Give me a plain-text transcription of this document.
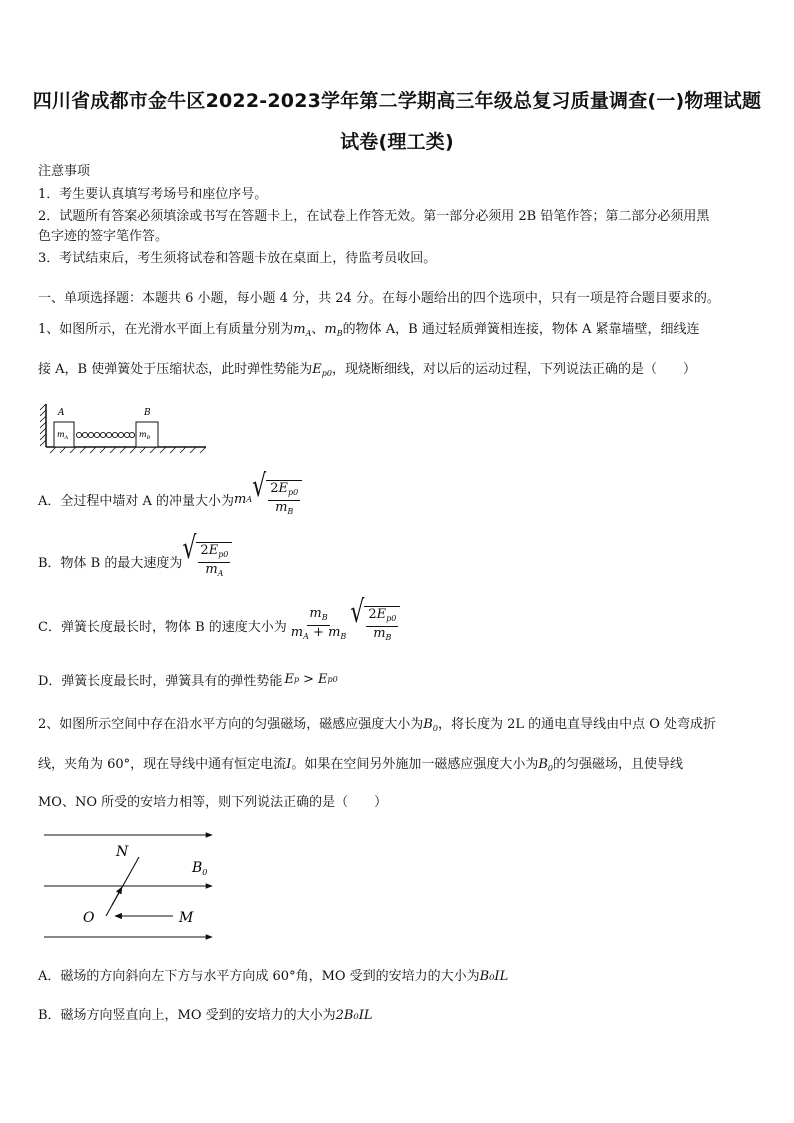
四川省成都市金牛区2022-2023学年第二学期高三年级总复习质量调查(一)物理试题
试卷(理工类)
注意事项
1．考生要认真填写考场号和座位序号。
2．试题所有答案必须填涂或书写在答题卡上，在试卷上作答无效。第一部分必须用 2B 铅笔作答；第二部分必须用黑
色字迹的签字笔作答。
3．考试结束后，考生须将试卷和答题卡放在桌面上，待监考员收回。
一、单项选择题：本题共 6 小题，每小题 4 分，共 24 分。在每小题给出的四个选项中，只有一项是符合题目要求的。
1、如图所示，在光滑水平面上有质量分别为$m_A$、$m_B$的物体 A，B 通过轻质弹簧相连接，物体 A 紧靠墙壁，细线连
接 A，B 使弹簧处于压缩状态，此时弹性势能为$E_{p0}$，现烧断细线，对以后的运动过程，下列说法正确的是（　　）
A	B
$m_A$	$m_B$
A．全过程中墙对 A 的冲量大小为 m A √ $\frac{2E_{p0}}{m_B}$
B．物体 B 的最大速度为 √ $\frac{2E_{p0}}{m_A}$
C．弹簧长度最长时，物体 B 的速度大小为 $\frac{m_B}{m_A + m_B}$ √ $\frac{2E_{p0}}{m_B}$
D．弹簧长度最长时，弹簧具有的弹性势能 E p > E p0
2、如图所示空间中存在沿水平方向的匀强磁场，磁感应强度大小为$B_0$，将长度为 2L 的通电直导线由中点 O 处弯成折
线，夹角为 60°，现在导线中通有恒定电流I。如果在空间另外施加一磁感应强度大小为$B_0$的匀强磁场，且使导线
MO、NO 所受的安培力相等，则下列说法正确的是（　　）
N
O	M
$B_0$
A．磁场的方向斜向左下方与水平方向成 60°角，MO 受到的安培力的大小为B₀IL
B．磁场方向竖直向上，MO 受到的安培力的大小为2B₀IL
